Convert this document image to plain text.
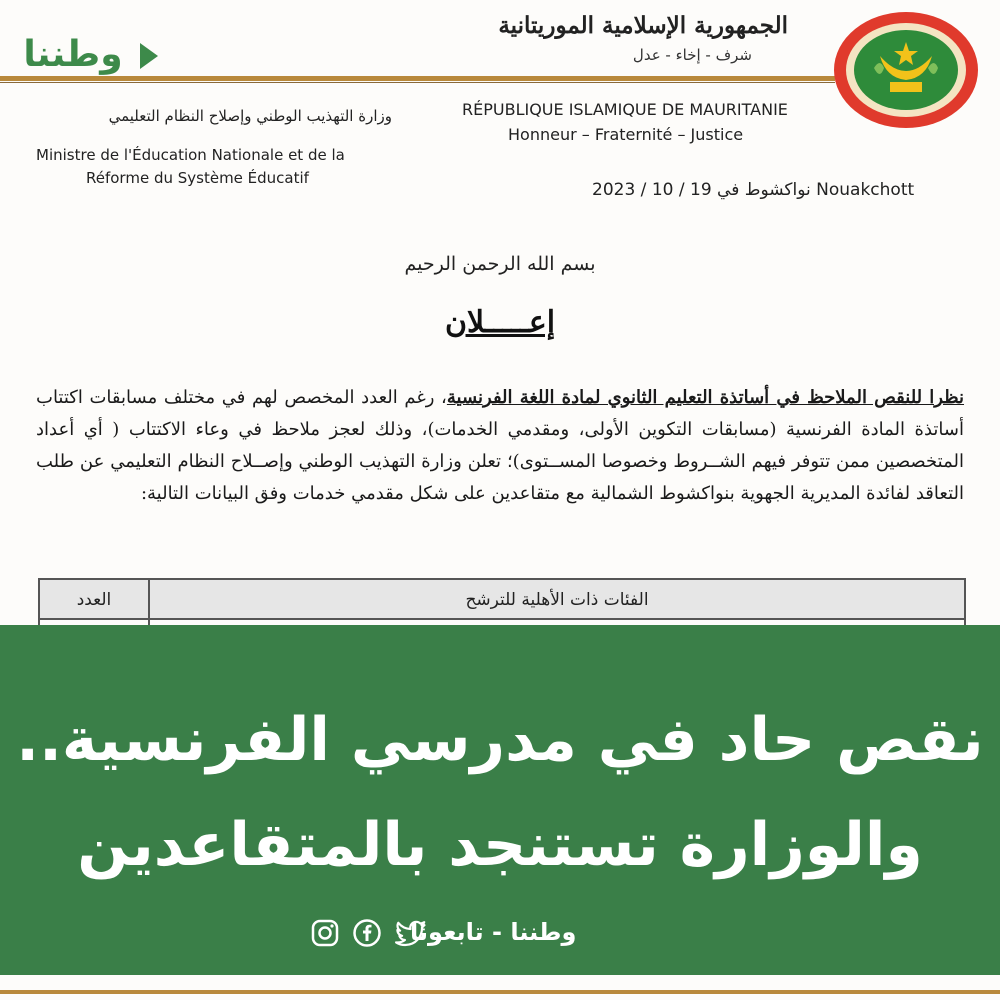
وطننا
الجمهورية الإسلامية الموريتانية
شرف - إخاء - عدل
RÉPUBLIQUE ISLAMIQUE DE MAURITANIE
Honneur – Fraternité – Justice
وزارة التهذيب الوطني وإصلاح النظام التعليمي
Ministre de l'Éducation Nationale et de la
Réforme du Système Éducatif
نواكشوط في 19 / 10 / 2023 Nouakchott
بسم الله الرحمن الرحيم
إعـــــلان
نظرا للنقص الملاحظ في أساتذة التعليم الثانوي لمادة اللغة الفرنسية، رغم العدد المخصص لهم في مختلف مسابقات اكتتاب أساتذة المادة الفرنسية (مسابقات التكوين الأولى، ومقدمي الخدمات)، وذلك لعجز ملاحظ في وعاء الاكتتاب ( أي أعداد المتخصصين ممن تتوفر فيهم الشــروط وخصوصا المســتوى)؛ تعلن وزارة التهذيب الوطني وإصــلاح النظام التعليمي عن طلب التعاقد لفائدة المديرية الجهوية بنواكشوط الشمالية مع متقاعدين على شكل مقدمي خدمات وفق البيانات التالية:
العدد	الفئات ذات الأهلية للترشح
نقص حاد في مدرسي الفرنسية..
والوزارة تستنجد بالمتقاعدين
وطننا - تابعونا
